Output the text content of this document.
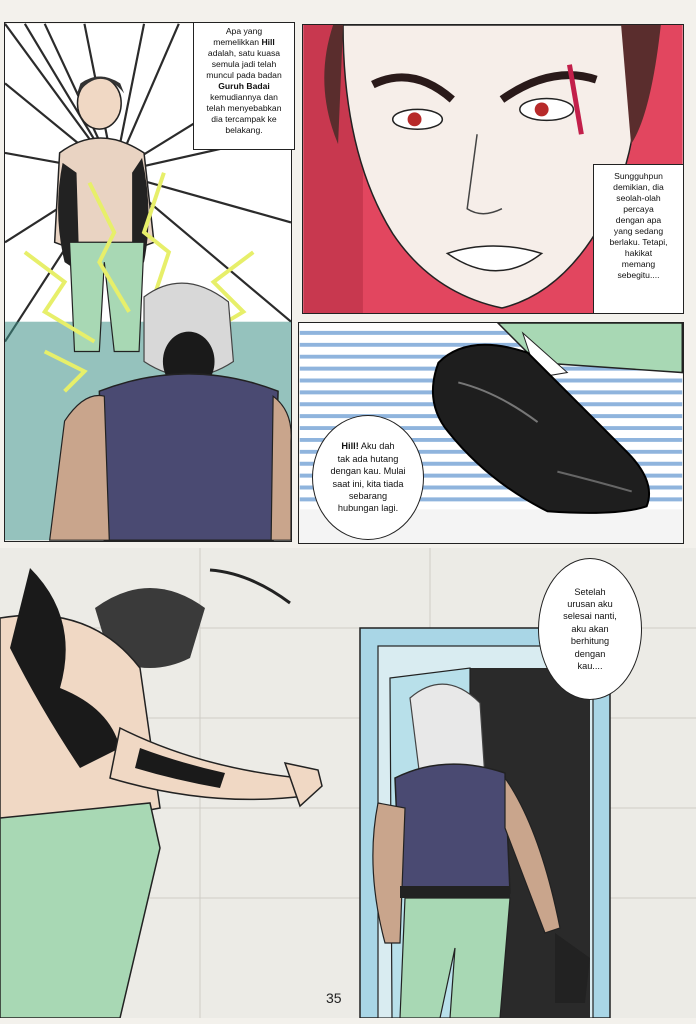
Apa yang
memelikkan Hill
adalah, satu kuasa
semula jadi telah
muncul pada badan
Guruh Badai
kemudiannya dan
telah menyebabkan
dia tercampak ke
belakang.
Sungguhpun
demikian, dia
seolah-olah
percaya
dengan apa
yang sedang
berlaku. Tetapi,
hakikat
memang
sebegitu....
Hill! Aku dah
tak ada hutang
dengan kau. Mulai
saat ini, kita tiada
sebarang
hubungan lagi.
Setelah
urusan aku
selesai nanti,
aku akan
berhitung
dengan
kau....
35
